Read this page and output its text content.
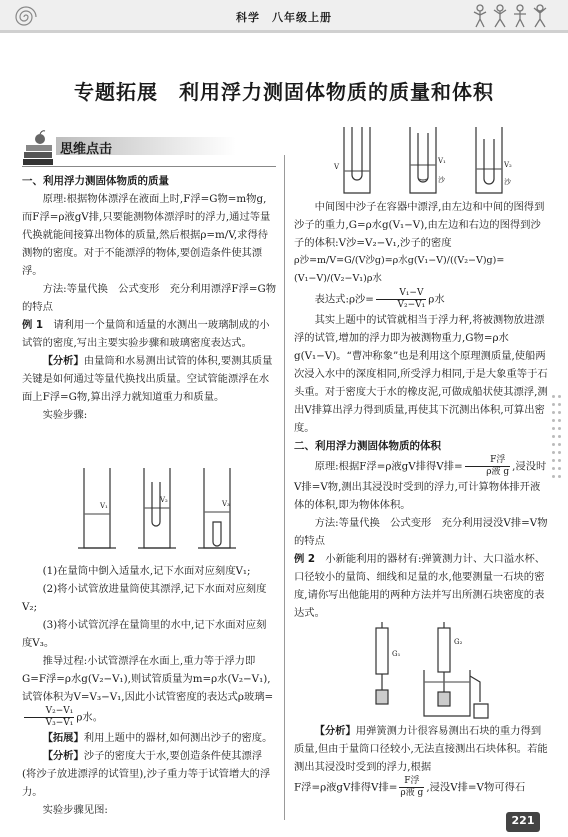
科学　八年级上册
专题拓展　利用浮力测固体物质的质量和体积
思维点击

一、利用浮力测固体物质的质量

原理:根据物体漂浮在液面上时,F浮=G物=m物g,而F浮=ρ液gV排,只要能测物体漂浮时的浮力,通过等量代换就能间接算出物体的质量,然后根据ρ=m/V,求得待测物的密度。对于不能漂浮的物体,要创造条件使其漂浮。

方法:等量代换　公式变形　充分利用漂浮F浮=G物的特点

例 1　 请利用一个量筒和适量的水测出一玻璃制成的小试管的密度,写出主要实验步骤和玻璃密度表达式。

【分析】由量筒和水易测出试管的体积,要测其质量关键是如何通过等量代换找出质量。空试管能漂浮在水面上F浮=G物,算出浮力就知道重力和质量。

实验步骤:

V₁
V₂	V₃

(1)在量筒中倒入适量水,记下水面对应刻度V₁;

(2)将小试管放进量筒使其漂浮,记下水面对应刻度V₂;

(3)将小试管沉浮在量筒里的水中,记下水面对应刻度V₃。

推导过程:小试管漂浮在水面上,重力等于浮力即G=F浮=ρ水g(V₂−V₁),则试管质量为m=ρ水(V₂−V₁),试管体积为V=V₃−V₁,因此小试管密度的表达式ρ玻璃=
$\frac{\text{V₂−V₁}}{\text{V₃−V₁}}$ ρ水。

【拓展】利用上题中的器材,如何测出沙子的密度。

【分析】沙子的密度大于水,要创造条件使其漂浮(将沙子放进漂浮的试管里),沙子重力等于试管增大的浮力。

实验步骤见图:

V
V₁
沙
V₂
沙

中间图中沙子在容器中漂浮,由左边和中间的图得到沙子的重力,G=ρ水g(V₁−V),由左边和右边的图得到沙子的体积:V沙=V₂−V₁,沙子的密度

ρ沙=m/V=G/(V沙g)=ρ水g(V₁−V)/((V₂−V)g)=(V₁−V)/(V₂−V₁)ρ水

表达式:ρ沙= $\frac{\text{V₁−V}}{\text{V₂−V₁}}$ ρ水

其实上题中的试管就相当于浮力秤,将被测物放进漂浮的试管,增加的浮力即为被测物重力,G物=ρ水g(V₁−V)。“曹冲称象”也是利用这个原理测质量,使船两次浸入水中的深度相同,所受浮力相同,于是大象重等于石头重。对于密度大于水的橡皮泥,可做成船状使其漂浮,测出V排算出浮力得到质量,再使其下沉测出体积,可算出密度。

二、利用浮力测固体物质的体积

原理:根据F浮=ρ液gV排得V排= $\frac{\text{F浮}}{\text{ρ液 g}}$ ,浸没时V排=V物,测出其浸没时受到的浮力,可计算物体排开液体的体积,即为物体体积。

方法:等量代换　公式变形　充分利用浸没V排=V物的特点

例 2　 小新能利用的器材有:弹簧测力计、大口溢水杯、口径较小的量筒、细线和足量的水,他要测量一石块的密度,请你写出他能用的两种方法并写出所测石块密度的表达式。

G₁
G₂

【分析】用弹簧测力计很容易测出石块的重力得到质量,但由于量筒口径较小,无法直接测出石块体积。若能测出其浸没时受到的浮力,根据

F浮=ρ液gV排得V排= $\frac{\text{F浮}}{\text{ρ液 g}}$ ,浸没V排=V物可得石

221
